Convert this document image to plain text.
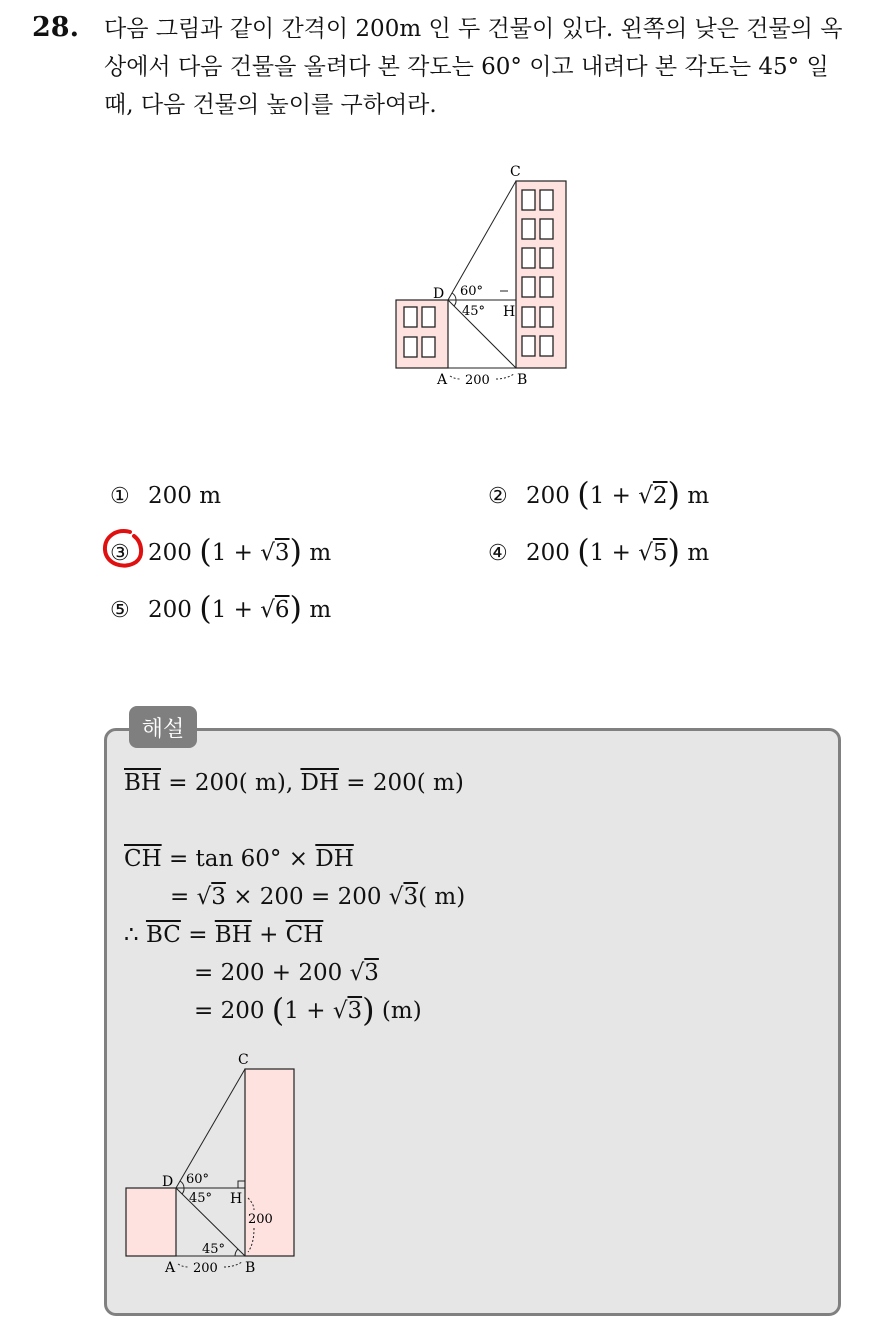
28. 다음 그림과 같이 간격이 200m 인 두 건물이 있다. 왼쪽의 낮은 건물의 옥상에서 다음 건물을 올려다 본 각도는 60° 이고 내려다 본 각도는 45° 일 때, 다음 건물의 높이를 구하여라.
C
D 60°
45° H
A	B
200
① 200
m	② 200
( 1 + √2 )
m
③ 200
( 1 + √3 )
m	④ 200
( 1 + √5 )
m
⑤ 200
( 1 + √6 )
m
해설
$\overline{BH} = 200$( m), $\overline{DH} = 200$( m)
$\overline{CH} = \tan 60^\circ \times \overline{DH}$
= √3 × 200 = 200 √3( m)
∴ $\overline{BC} = \overline{BH} + \overline{CH}$
= 200 + 200 √3
= 200 (1 + √3) (m)
C
D 60°
45° H
200
45°
A	B
200
